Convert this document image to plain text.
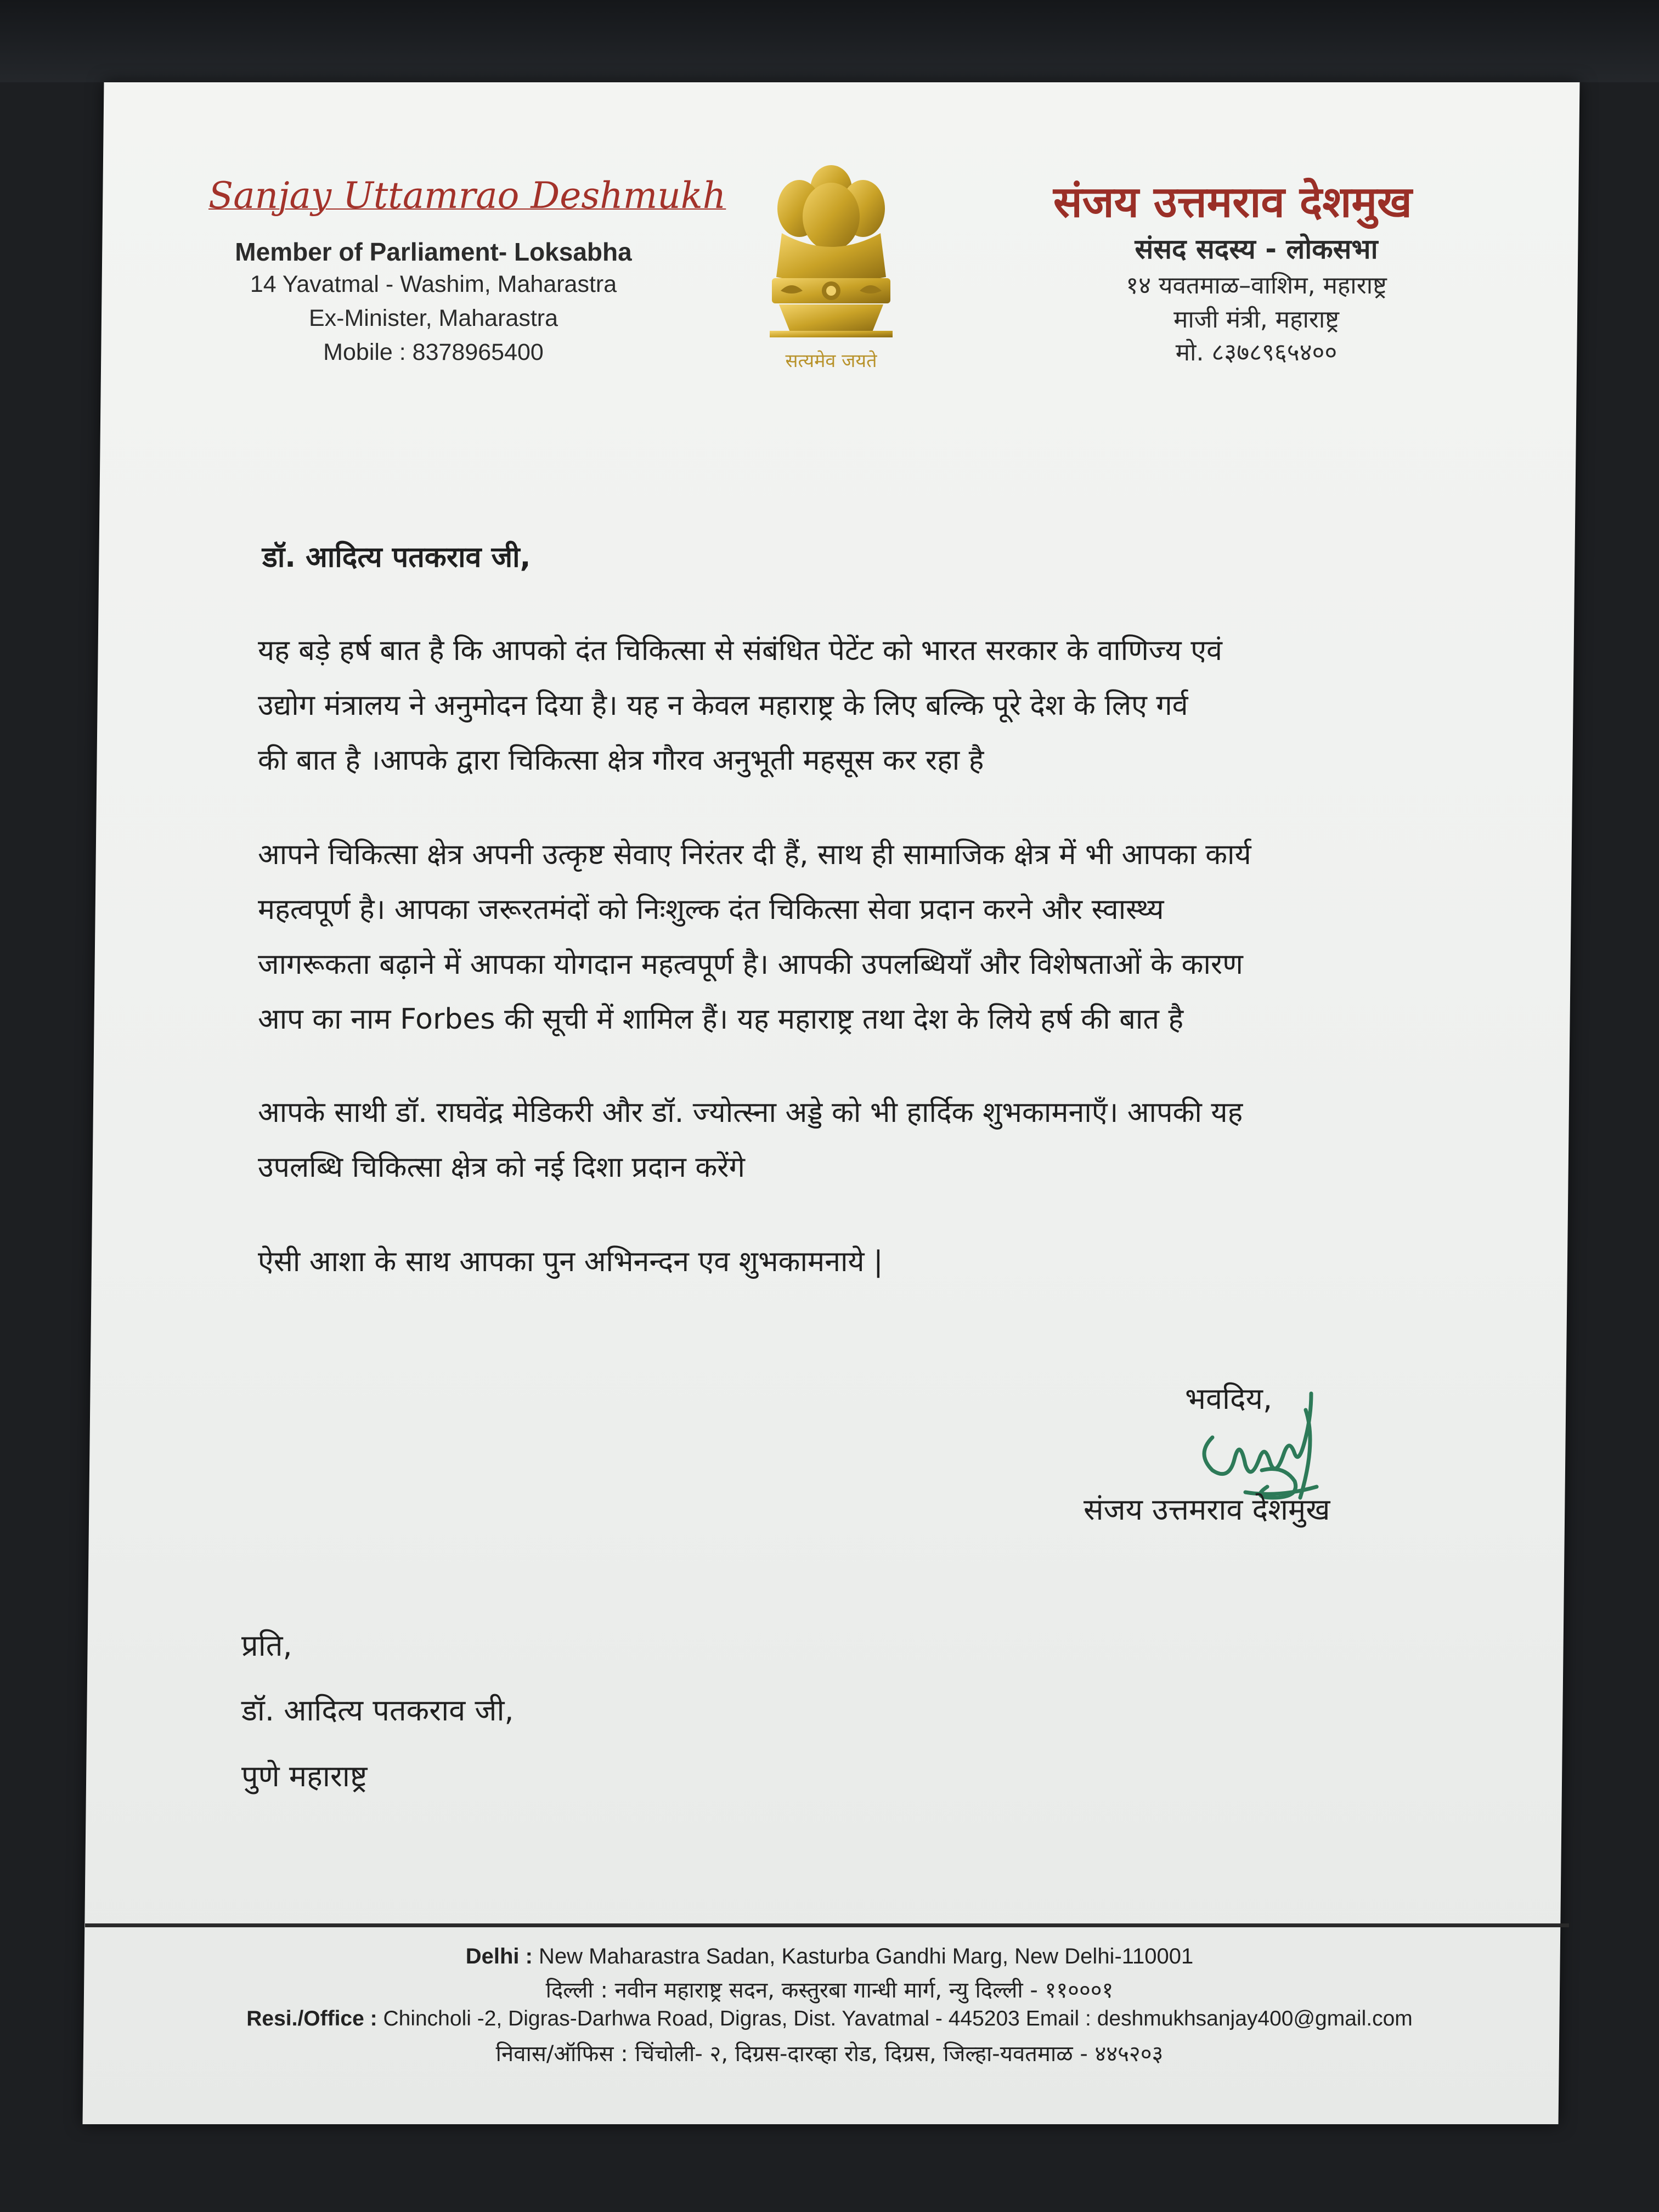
Sanjay Uttamrao Deshmukh
Member of Parliament- Loksabha
14 Yavatmal - Washim, Maharastra
Ex-Minister, Maharastra
Mobile : 8378965400	सत्यमेव जयते
संजय उत्तमराव देशमुख
संसद सदस्य - लोकसभा
१४ यवतमाळ–वाशिम, महाराष्ट्र
माजी मंत्री, महाराष्ट्र
मो. ८३७८९६५४००
डॉ. आदित्य पतकराव जी,
यह बड़े हर्ष बात है कि आपको दंत चिकित्सा से संबंधित पेटेंट को भारत सरकार के वाणिज्य एवं
उद्योग मंत्रालय ने अनुमोदन दिया है। यह न केवल महाराष्ट्र के लिए बल्कि पूरे देश के लिए गर्व
की बात है ।आपके द्वारा चिकित्सा क्षेत्र गौरव अनुभूती महसूस कर रहा है
आपने चिकित्सा क्षेत्र अपनी उत्कृष्ट सेवाए निरंतर दी हैं, साथ ही सामाजिक क्षेत्र में भी आपका कार्य
महत्वपूर्ण है। आपका जरूरतमंदों को निःशुल्क दंत चिकित्सा सेवा प्रदान करने और स्वास्थ्य
जागरूकता बढ़ाने में आपका योगदान महत्वपूर्ण है। आपकी उपलब्धियाँ और विशेषताओं के कारण
आप का नाम Forbes की सूची में शामिल हैं। यह महाराष्ट्र तथा देश के लिये हर्ष की बात है
आपके साथी डॉ. राघवेंद्र मेडिकरी और डॉ. ज्योत्स्ना अड्डे को भी हार्दिक शुभकामनाएँ। आपकी यह
उपलब्धि चिकित्सा क्षेत्र को नई दिशा प्रदान करेंगे
ऐसी आशा के साथ आपका पुन अभिनन्दन एव शुभकामनाये |
भवदिय,
संजय उत्तमराव देशमुख
प्रति,
डॉ. आदित्य पतकराव जी,
पुणे महाराष्ट्र
Delhi : New Maharastra Sadan, Kasturba Gandhi Marg, New Delhi-110001
दिल्ली : नवीन महाराष्ट्र सदन, कस्तुरबा गान्धी मार्ग, न्यु दिल्ली - ११०००१
Resi./Office : Chincholi -2, Digras-Darhwa Road, Digras, Dist. Yavatmal - 445203 Email : deshmukhsanjay400@gmail.com
निवास/ऑफिस : चिंचोली- २, दिग्रस-दारव्हा रोड, दिग्रस, जिल्हा-यवतमाळ - ४४५२०३
